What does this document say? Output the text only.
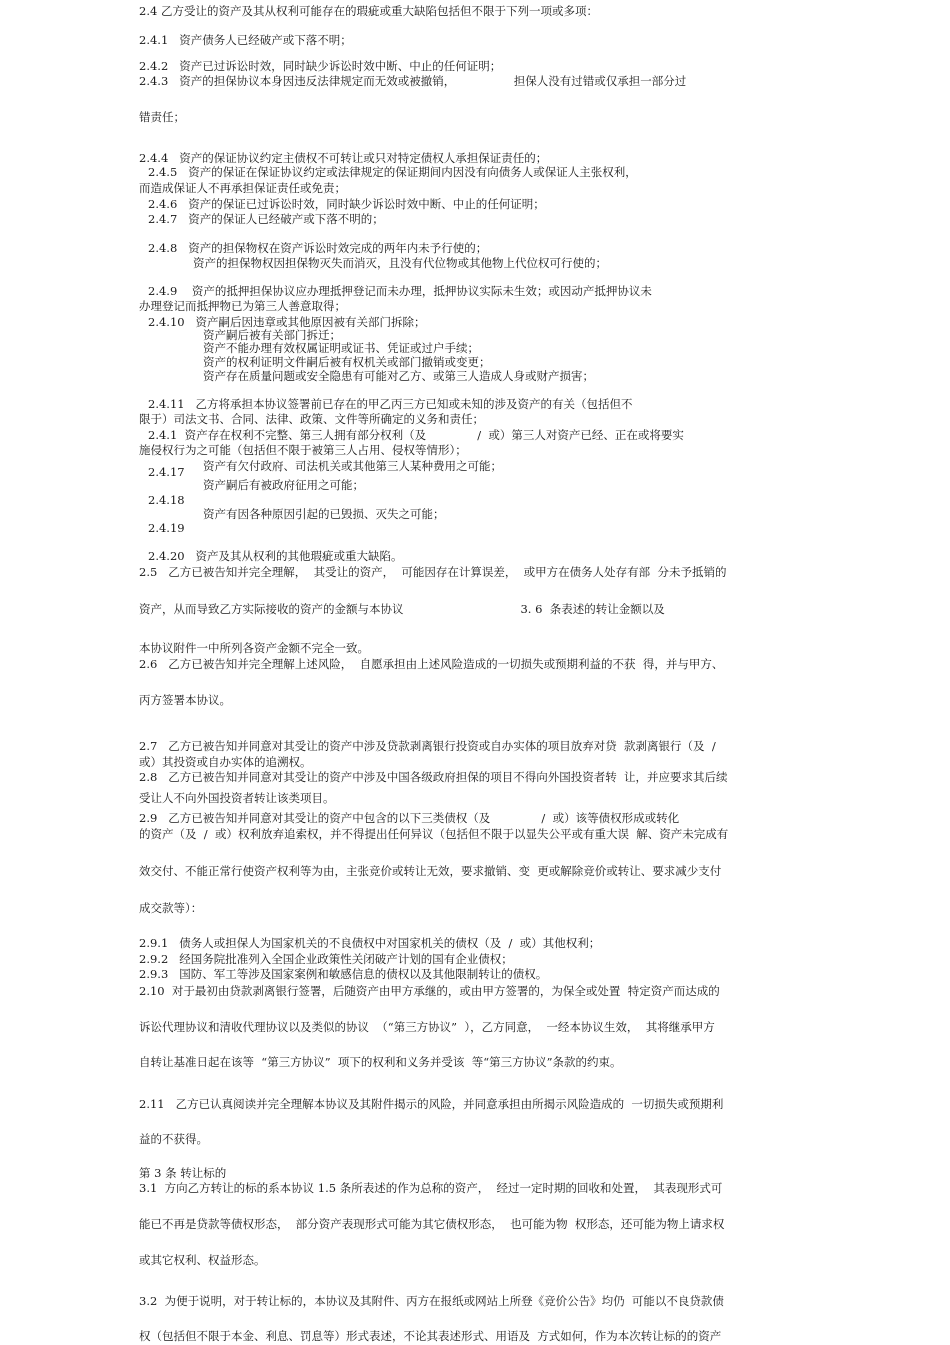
2.4 乙方受让的资产及其从权利可能存在的瑕疵或重大缺陷包括但不限于下列一项或多项：
2.4.1   资产债务人已经破产或下落不明；
2.4.2   资产已过诉讼时效，同时缺少诉讼时效中断、中止的任何证明；
2.4.3   资产的担保协议本身因违反法律规定而无效或被撤销，                担保人没有过错或仅承担一部分过
错责任；
2.4.4   资产的保证协议约定主债权不可转让或只对特定债权人承担保证责任的；
2.4.5   资产的保证在保证协议约定或法律规定的保证期间内因没有向债务人或保证人主张权利，
而造成保证人不再承担保证责任或免责；
2.4.6   资产的保证已过诉讼时效，同时缺少诉讼时效中断、中止的任何证明；
2.4.7   资产的保证人已经破产或下落不明的；
2.4.8   资产的担保物权在资产诉讼时效完成的两年内未予行使的；
资产的担保物权因担保物灭失而消灭，且没有代位物或其他物上代位权可行使的；
2.4.9    资产的抵押担保协议应办理抵押登记而未办理，抵押协议实际未生效；或因动产抵押协议未
办理登记而抵押物已为第三人善意取得；
2.4.10   资产嗣后因违章或其他原因被有关部门拆除；
资产嗣后被有关部门拆迁；
资产不能办理有效权属证明或证书、凭证或过户手续；
资产的权利证明文件嗣后被有权机关或部门撤销或变更；
资产存在质量问题或安全隐患有可能对乙方、或第三人造成人身或财产损害；
2.4.11   乙方将承担本协议签署前已存在的甲乙丙三方已知或未知的涉及资产的有关（包括但不
限于）司法文书、合同、法律、政策、文件等所确定的义务和责任；
2.4.1  资产存在权利不完整、第三人拥有部分权利（及              /  或）第三人对资产已经、正在或将要实
施侵权行为之可能（包括但不限于被第三人占用、侵权等情形）；
资产有欠付政府、司法机关或其他第三人某种费用之可能；
2.4.17
资产嗣后有被政府征用之可能；
2.4.18
资产有因各种原因引起的已毁损、灭失之可能；
2.4.19
2.4.20   资产及其从权利的其他瑕疵或重大缺陷。
2.5   乙方已被告知并完全理解，  其受让的资产，  可能因存在计算误差，  或甲方在债务人处存有部  分未予抵销的
资产，从而导致乙方实际接收的资产的金额与本协议                                3. 6  条表述的转让金额以及
本协议附件一中所列各资产金额不完全一致。
2.6   乙方已被告知并完全理解上述风险，  自愿承担由上述风险造成的一切损失或预期利益的不获  得，并与甲方、
丙方签署本协议。
2.7   乙方已被告知并同意对其受让的资产中涉及贷款剥离银行投资或自办实体的项目放弃对贷  款剥离银行（及  /
或）其投资或自办实体的追溯权。
2.8   乙方已被告知并同意对其受让的资产中涉及中国各级政府担保的项目不得向外国投资者转  让，并应要求其后续
受让人不向外国投资者转让该类项目。
2.9   乙方已被告知并同意对其受让的资产中包含的以下三类债权（及              /  或）该等债权形成或转化
的资产（及  /  或）权利放弃追索权，并不得提出任何异议（包括但不限于以显失公平或有重大误  解、资产未完成有
效交付、不能正常行使资产权利等为由，主张竞价或转让无效，要求撤销、变  更或解除竞价或转让、要求减少支付
成交款等）：
2.9.1   债务人或担保人为国家机关的不良债权中对国家机关的债权（及  /  或）其他权利；
2.9.2   经国务院批准列入全国企业政策性关闭破产计划的国有企业债权；
2.9.3   国防、军工等涉及国家案例和敏感信息的债权以及其他限制转让的债权。
2.10  对于最初由贷款剥离银行签署，后随资产由甲方承继的，或由甲方签署的，为保全或处置  特定资产而达成的
诉讼代理协议和清收代理协议以及类似的协议  （“第三方协议”  ），乙方同意，  一经本协议生效，  其将继承甲方
自转让基准日起在该等  “第三方协议”  项下的权利和义务并受该  等“第三方协议”条款的约束。
2.11   乙方已认真阅读并完全理解本协议及其附件揭示的风险，并同意承担由所揭示风险造成的  一切损失或预期利
益的不获得。
第 3 条 转让标的
3.1  方向乙方转让的标的系本协议 1.5 条所表述的作为总称的资产，  经过一定时期的回收和处置，  其表现形式可
能已不再是贷款等债权形态，  部分资产表现形式可能为其它债权形态，  也可能为物  权形态，还可能为物上请求权
或其它权利、权益形态。
3.2  为便于说明，对于转让标的，本协议及其附件、丙方在报纸或网站上所登《竞价公告》均仍  可能以不良贷款债
权（包括但不限于本金、利息、罚息等）形式表述，不论其表述形式、用语及  方式如何，作为本次转让标的的资产
